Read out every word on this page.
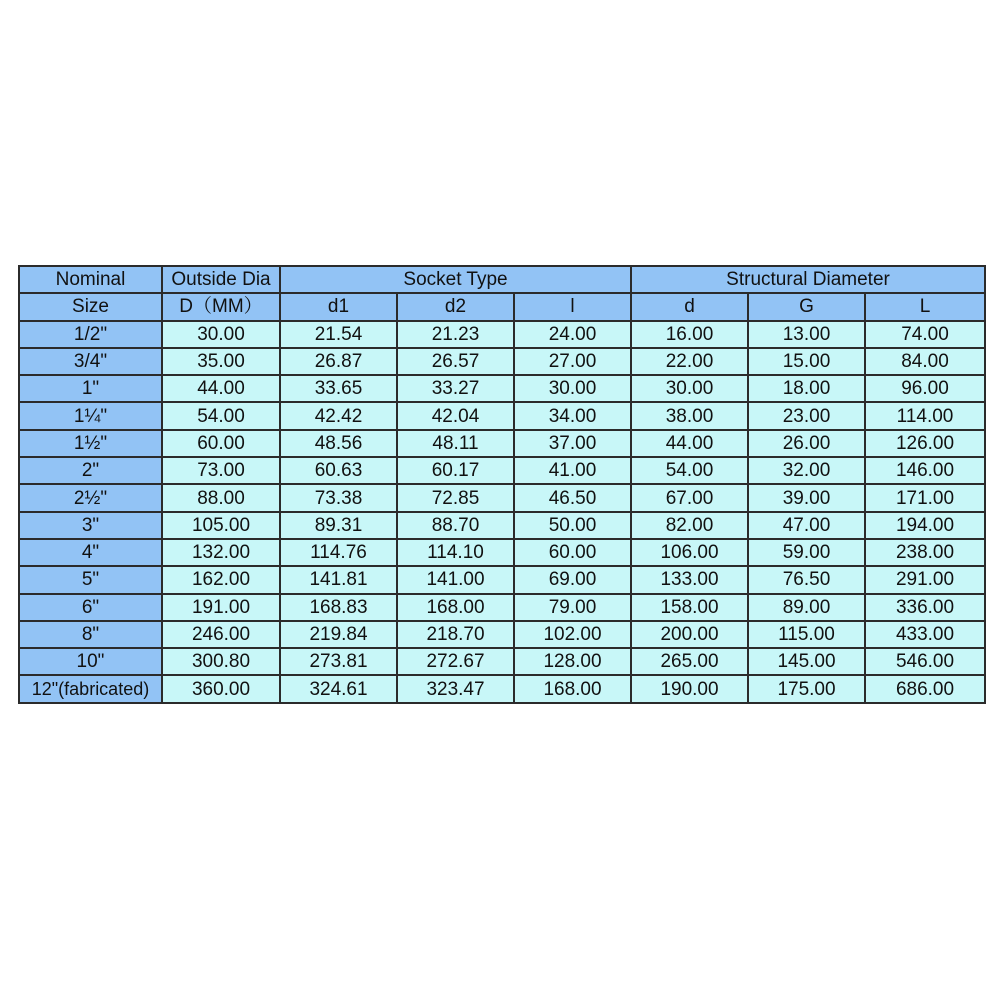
Nominal	Outside Dia	Socket Type			Structural Diameter		
Size	D（MM）	d1	d2	l	d	G	L
1/2"	30.00	21.54	21.23	24.00	16.00	13.00	74.00
3/4"	35.00	26.87	26.57	27.00	22.00	15.00	84.00
1"	44.00	33.65	33.27	30.00	30.00	18.00	96.00
1¼"	54.00	42.42	42.04	34.00	38.00	23.00	114.00
1½"	60.00	48.56	48.11	37.00	44.00	26.00	126.00
2"	73.00	60.63	60.17	41.00	54.00	32.00	146.00
2½"	88.00	73.38	72.85	46.50	67.00	39.00	171.00
3"	105.00	89.31	88.70	50.00	82.00	47.00	194.00
4"	132.00	114.76	114.10	60.00	106.00	59.00	238.00
5"	162.00	141.81	141.00	69.00	133.00	76.50	291.00
6"	191.00	168.83	168.00	79.00	158.00	89.00	336.00
8"	246.00	219.84	218.70	102.00	200.00	115.00	433.00
10"	300.80	273.81	272.67	128.00	265.00	145.00	546.00
12"(fabricated)	360.00	324.61	323.47	168.00	190.00	175.00	686.00
